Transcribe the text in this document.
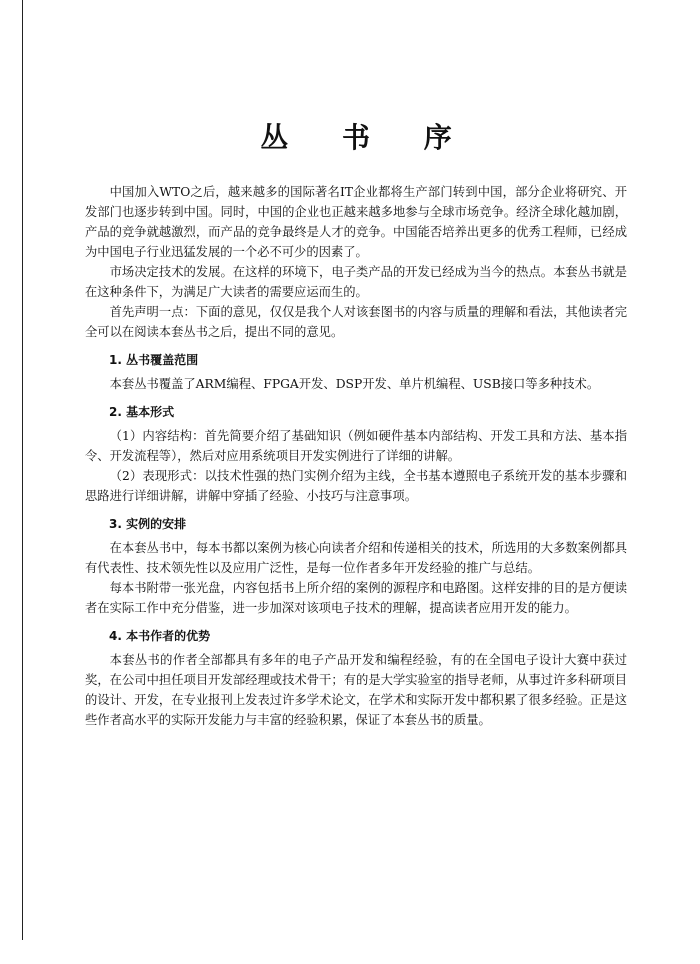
丛 书 序

中国加入WTO之后，越来越多的国际著名IT企业都将生产部门转到中国，部分企业将研究、开发部门也逐步转到中国。同时，中国的企业也正越来越多地参与全球市场竞争。经济全球化越加剧，产品的竞争就越激烈，而产品的竞争最终是人才的竞争。中国能否培养出更多的优秀工程师，已经成为中国电子行业迅猛发展的一个必不可少的因素了。

市场决定技术的发展。在这样的环境下，电子类产品的开发已经成为当今的热点。本套丛书就是在这种条件下，为满足广大读者的需要应运而生的。

首先声明一点：下面的意见，仅仅是我个人对该套图书的内容与质量的理解和看法，其他读者完全可以在阅读本套丛书之后，提出不同的意见。

1. 丛书覆盖范围

本套丛书覆盖了ARM编程、FPGA开发、DSP开发、单片机编程、USB接口等多种技术。

2. 基本形式

（1）内容结构：首先简要介绍了基础知识（例如硬件基本内部结构、开发工具和方法、基本指令、开发流程等），然后对应用系统项目开发实例进行了详细的讲解。

（2）表现形式：以技术性强的热门实例介绍为主线，全书基本遵照电子系统开发的基本步骤和思路进行详细讲解，讲解中穿插了经验、小技巧与注意事项。

3. 实例的安排

在本套丛书中，每本书都以案例为核心向读者介绍和传递相关的技术，所选用的大多数案例都具有代表性、技术领先性以及应用广泛性，是每一位作者多年开发经验的推广与总结。

每本书附带一张光盘，内容包括书上所介绍的案例的源程序和电路图。这样安排的目的是方便读者在实际工作中充分借鉴，进一步加深对该项电子技术的理解，提高读者应用开发的能力。

4. 本书作者的优势

本套丛书的作者全部都具有多年的电子产品开发和编程经验，有的在全国电子设计大赛中获过奖，在公司中担任项目开发部经理或技术骨干；有的是大学实验室的指导老师，从事过许多科研项目的设计、开发，在专业报刊上发表过许多学术论文，在学术和实际开发中都积累了很多经验。正是这些作者高水平的实际开发能力与丰富的经验积累，保证了本套丛书的质量。
